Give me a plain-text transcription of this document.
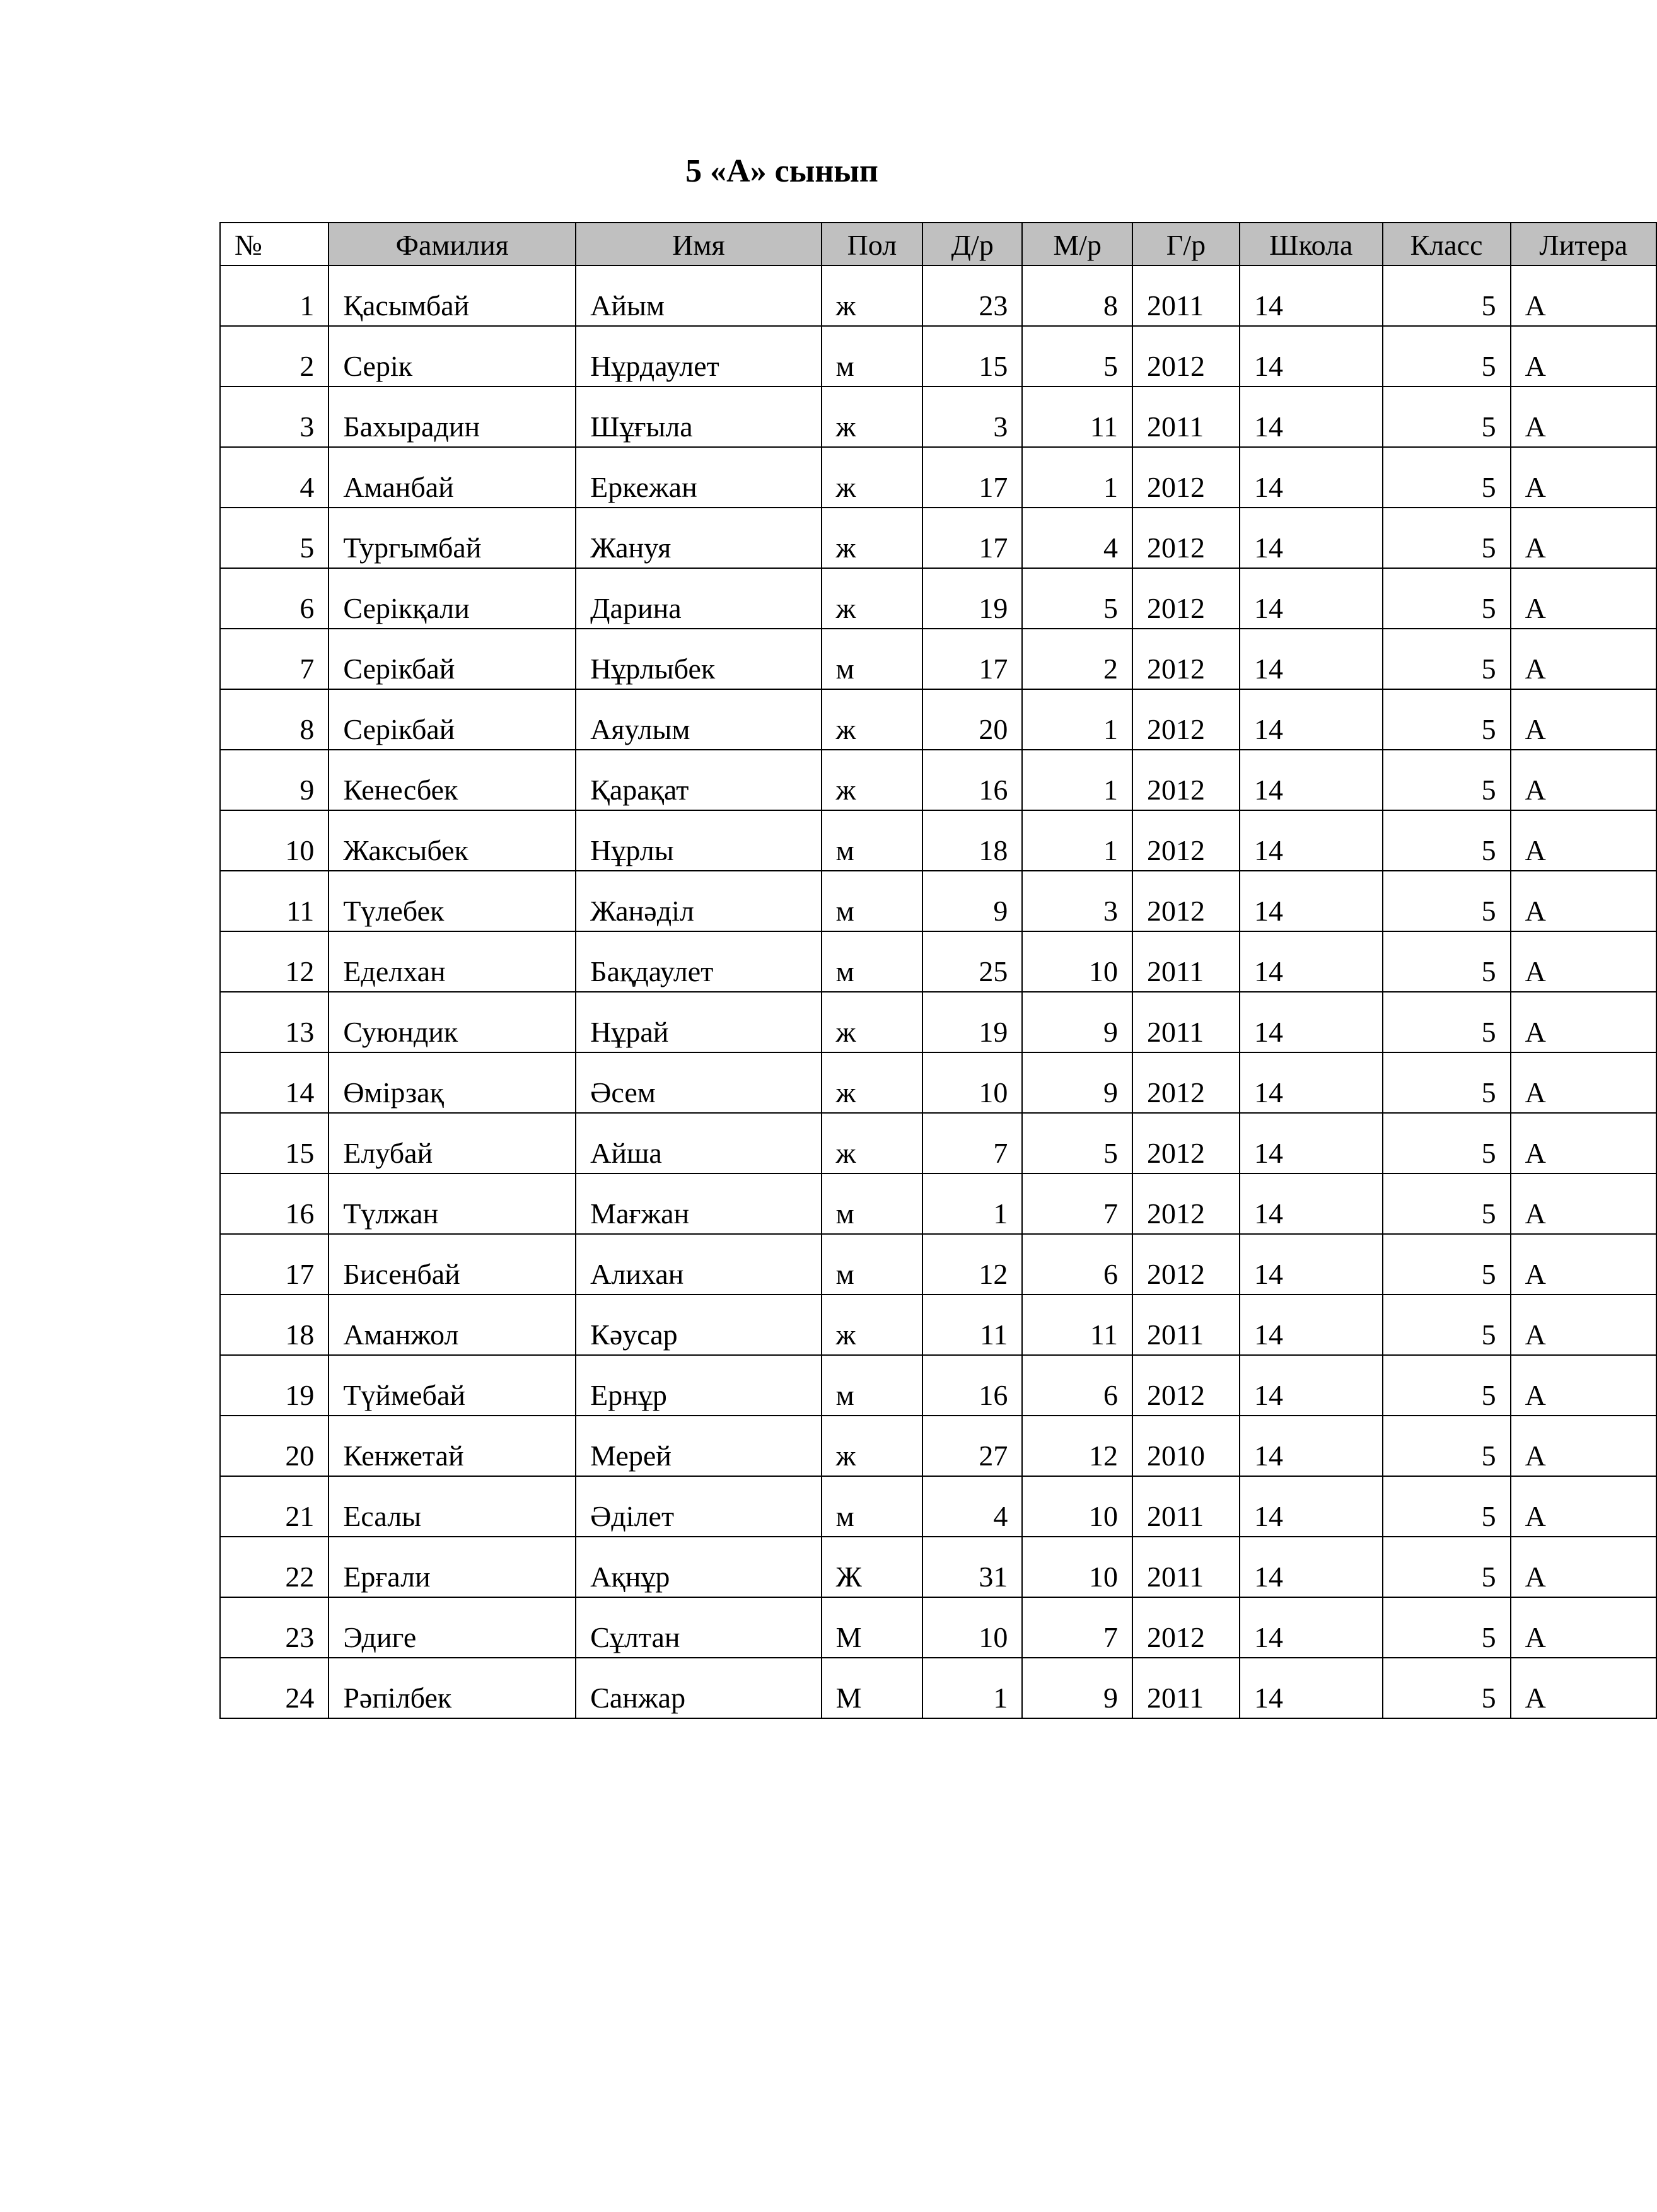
5 «А» сынып
№	Фамилия	Имя	Пол	Д/р	М/р	Г/р	Школа	Класс	Литера
1	Қасымбай	Айым	ж	23	8	2011	14	5	А
2	Серік	Нұрдаулет	м	15	5	2012	14	5	А
3	Бахырадин	Шұғыла	ж	3	11	2011	14	5	А
4	Аманбай	Еркежан	ж	17	1	2012	14	5	А
5	Тургымбай	Жануя	ж	17	4	2012	14	5	А
6	Серікқали	Дарина	ж	19	5	2012	14	5	А
7	Серікбай	Нұрлыбек	м	17	2	2012	14	5	А
8	Серікбай	Аяулым	ж	20	1	2012	14	5	А
9	Кенесбек	Қарақат	ж	16	1	2012	14	5	А
10	Жаксыбек	Нұрлы	м	18	1	2012	14	5	А
11	Түлебек	Жанәділ	м	9	3	2012	14	5	А
12	Еделхан	Бақдаулет	м	25	10	2011	14	5	А
13	Суюндик	Нұрай	ж	19	9	2011	14	5	А
14	Өмірзақ	Әсем	ж	10	9	2012	14	5	А
15	Елубай	Айша	ж	7	5	2012	14	5	А
16	Түлжан	Мағжан	м	1	7	2012	14	5	А
17	Бисенбай	Алихан	м	12	6	2012	14	5	А
18	Аманжол	Кәусар	ж	11	11	2011	14	5	А
19	Түймебай	Ернұр	м	16	6	2012	14	5	А
20	Кенжетай	Мерей	ж	27	12	2010	14	5	А
21	Есалы	Әділет	м	4	10	2011	14	5	А
22	Ерғали	Ақнұр	Ж	31	10	2011	14	5	А
23	Эдиге	Сұлтан	М	10	7	2012	14	5	А
24	Рәпілбек	Санжар	М	1	9	2011	14	5	А
